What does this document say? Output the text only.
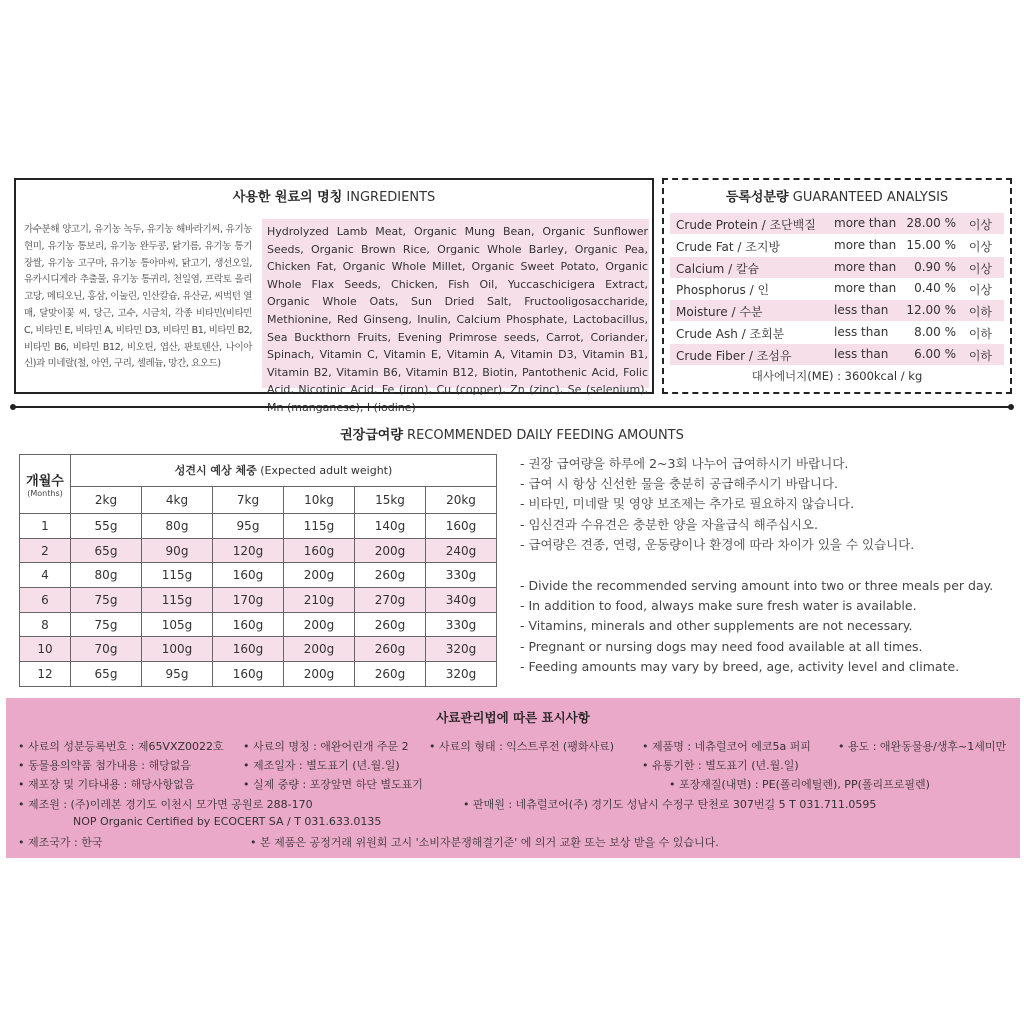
사용한 원료의 명칭 INGREDIENTS
가수분해 양고기, 유기농 녹두, 유기농 해바라기씨, 유기농 현미, 유기농 통보리, 유기농 완두콩, 닭기름, 유기농 통기장쌀, 유기농 고구마, 유기농 통아마씨, 닭고기, 생선오일, 유카시디게라 추출물, 유기농 통귀리, 천일염, 프락토 올리고당, 메티오닌, 홍삼, 이눌린, 인산칼슘, 유산균, 씨벅턴 열매, 달맞이꽃 씨, 당근, 고수, 시금치, 각종 비타민(비타민 C, 비타민 E, 비타민 A, 비타민 D3, 비타민 B1, 비타민 B2, 비타민 B6, 비타민 B12, 비오틴, 엽산, 판토텐산, 나이아신)과 미네랄(철, 아연, 구리, 셀레늄, 망간, 요오드)
Hydrolyzed Lamb Meat, Organic Mung Bean, Organic Sunflower Seeds, Organic Brown Rice, Organic Whole Barley, Organic Pea, Chicken Fat, Organic Whole Millet, Organic Sweet Potato, Organic Whole Flax Seeds, Chicken, Fish Oil, Yuccaschicigera Extract, Organic Whole Oats, Sun Dried Salt, Fructooligosaccharide, Methionine, Red Ginseng, Inulin, Calcium Phosphate, Lactobacillus, Sea Buckthorn Fruits, Evening Primrose seeds, Carrot, Coriander, Spinach, Vitamin C, Vitamin E, Vitamin A, Vitamin D3, Vitamin B1, Vitamin B2, Vitamin B6, Vitamin B12, Biotin, Pantothenic Acid, Folic Acid, Nicotinic Acid, Fe (iron), Cu (copper), Zn (zinc), Se (selenium),
등록성분량 GUARANTEED ANALYSIS
Crude Protein / 조단백질 more than 28.00 % 이상
Crude Fat / 조지방	more than 15.00 % 이상
Calcium / 칼슘	more than 0.90 % 이상
Phosphorus / 인	more than 0.40 % 이상
Moisture / 수분	less than 12.00 % 이하
Crude Ash / 조회분	less than 8.00 % 이하
Crude Fiber / 조섬유	less than 6.00 % 이하
대사에너지(ME) : 3600kcal / kg
권장급여량 RECOMMENDED DAILY FEEDING AMOUNTS
개월수
(Months)	성견시 예상 체중 (Expected adult weight)					
	2kg	4kg	7kg	10kg	15kg	20kg
1	55g	80g	95g	115g	140g	160g
2	65g	90g	120g	160g	200g	240g
4	80g	115g	160g	200g	260g	330g
6	75g	115g	170g	210g	270g	340g
8	75g	105g	160g	200g	260g	330g
10	70g	100g	160g	200g	260g	320g
12	65g	95g	160g	200g	260g	320g
- 권장 급여량을 하루에 2~3회 나누어 급여하시기 바랍니다.
- 급여 시 항상 신선한 물을 충분히 공급해주시기 바랍니다.
- 비타민, 미네랄 및 영양 보조제는 추가로 필요하지 않습니다.
- 임신견과 수유견은 충분한 양을 자율급식 해주십시오.
- 급여량은 견종, 연령, 운동량이나 환경에 따라 차이가 있을 수 있습니다.
- Divide the recommended serving amount into two or three meals per day.
- In addition to food, always make sure fresh water is available.
- Vitamins, minerals and other supplements are not necessary.
- Pregnant or nursing dogs may need food available at all times.
- Feeding amounts may vary by breed, age, activity level and climate.
사료관리법에 따른 표시사항
• 사료의 성분등록번호 : 제65VXZ0022호 • 사료의 명칭 : 애완어린개 주문 2 • 사료의 형태 : 익스트루전 (팽화사료)	• 제품명 : 네츄럴코어 에코5a 퍼피 • 용도 : 애완동물용/생후~1세미만
• 동물용의약품 첨가내용 : 해당없음	• 제조일자 : 별도표기 (년.월.일)	• 유통기한 : 별도표기 (년.월.일)
• 재포장 및 기타내용 : 해당사항없음	• 실제 중량 : 포장앞면 하단 별도표기	• 포장재질(내면) : PE(폴리에틸렌), PP(폴리프로필렌)
• 제조원 : (주)이레본 경기도 이천시 모가면 공원로 288-170	• 판매원 : 네츄럴코어(주) 경기도 성남시 수정구 탄천로 307번길 5 T 031.711.0595
NOP Organic Certified by ECOCERT SA / T 031.633.0135
• 제조국가 : 한국	• 본 제품은 공정거래 위원회 고시 '소비자분쟁해결기준' 에 의거 교환 또는 보상 받을 수 있습니다.
